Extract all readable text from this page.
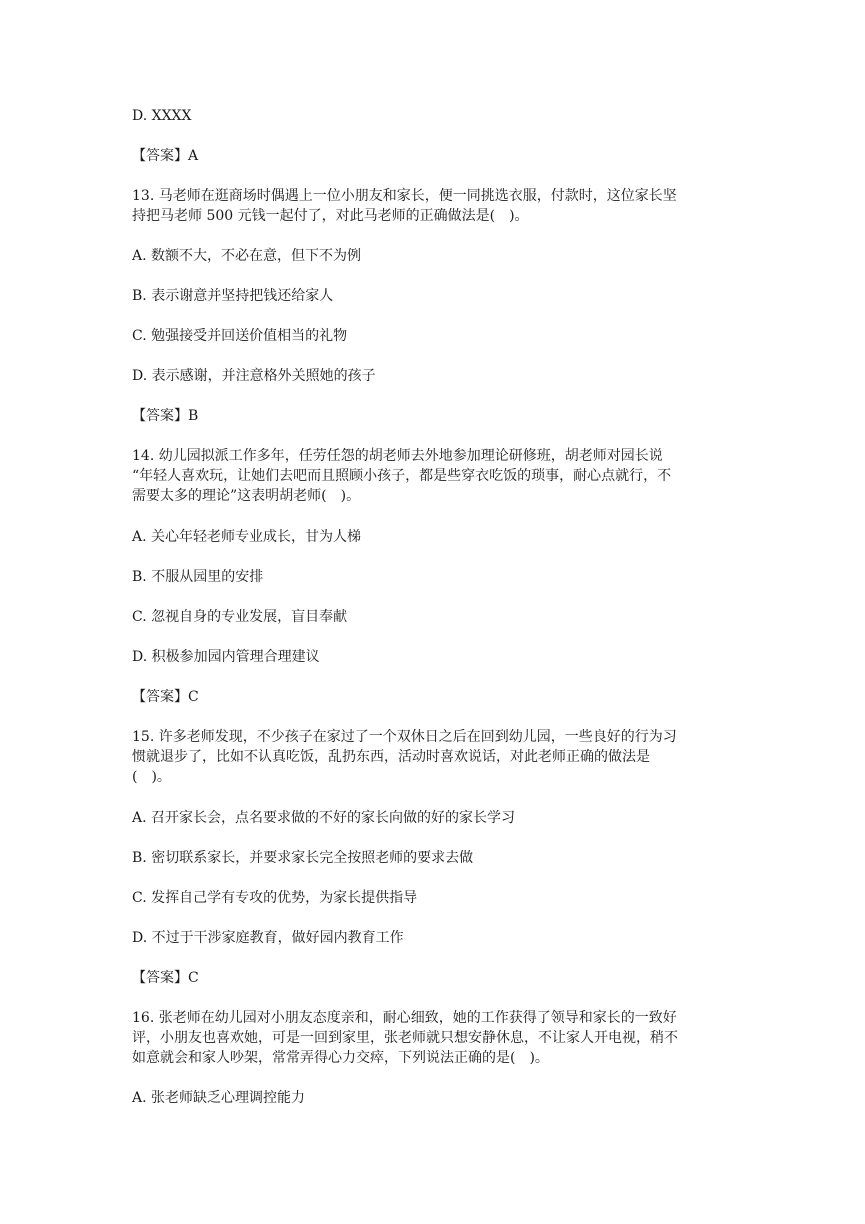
D. XXXX
【答案】A
13. 马老师在逛商场时偶遇上一位小朋友和家长，便一同挑选衣服，付款时，这位家长坚
持把马老师 500 元钱一起付了，对此马老师的正确做法是(　)。
A. 数额不大，不必在意，但下不为例
B. 表示谢意并坚持把钱还给家人
C. 勉强接受并回送价值相当的礼物
D. 表示感谢，并注意格外关照她的孩子
【答案】B
14. 幼儿园拟派工作多年，任劳任怨的胡老师去外地参加理论研修班，胡老师对园长说
“年轻人喜欢玩，让她们去吧而且照顾小孩子，都是些穿衣吃饭的琐事，耐心点就行，不
需要太多的理论”这表明胡老师(　)。
A. 关心年轻老师专业成长，甘为人梯
B. 不服从园里的安排
C. 忽视自身的专业发展，盲目奉献
D. 积极参加园内管理合理建议
【答案】C
15. 许多老师发现，不少孩子在家过了一个双休日之后在回到幼儿园，一些良好的行为习
惯就退步了，比如不认真吃饭，乱扔东西，活动时喜欢说话，对此老师正确的做法是
(　)。
A. 召开家长会，点名要求做的不好的家长向做的好的家长学习
B. 密切联系家长，并要求家长完全按照老师的要求去做
C. 发挥自己学有专攻的优势，为家长提供指导
D. 不过于干涉家庭教育，做好园内教育工作
【答案】C
16. 张老师在幼儿园对小朋友态度亲和，耐心细致，她的工作获得了领导和家长的一致好
评，小朋友也喜欢她，可是一回到家里，张老师就只想安静休息，不让家人开电视，稍不
如意就会和家人吵架，常常弄得心力交瘁，下列说法正确的是(　)。
A. 张老师缺乏心理调控能力
